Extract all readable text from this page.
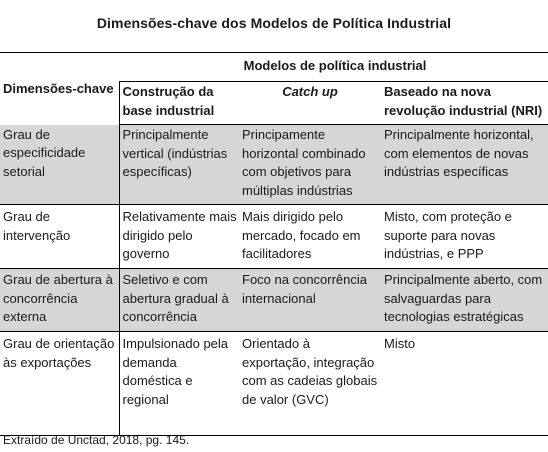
Dimensões-chave dos Modelos de Política Industrial
Dimensões-chave	Modelos de política industrial		
	Construção da base industrial	Catch up	Baseado na nova revolução industrial (NRI)
Grau de especificidade setorial	Principalmente vertical (indústrias específicas)	Principamente horizontal combinado com objetivos para múltiplas indústrias	Principalmente horizontal, com elementos de novas indústrias específicas
Grau de intervenção	Relativamente mais dirigido pelo governo	Mais dirigido pelo mercado, focado em facilitadores	Misto, com proteção e suporte para novas indústrias, e PPP
Grau de abertura à concorrência externa	Seletivo e com abertura gradual à concorrência	Foco na concorrência internacional	Principalmente aberto, com salvaguardas para tecnologias estratégicas
Grau de orientação às exportações	Impulsionado pela demanda doméstica e regional	Orientado à exportação, integração com as cadeias globais de valor (GVC)	Misto
Extraído de Unctad, 2018, pg. 145.
